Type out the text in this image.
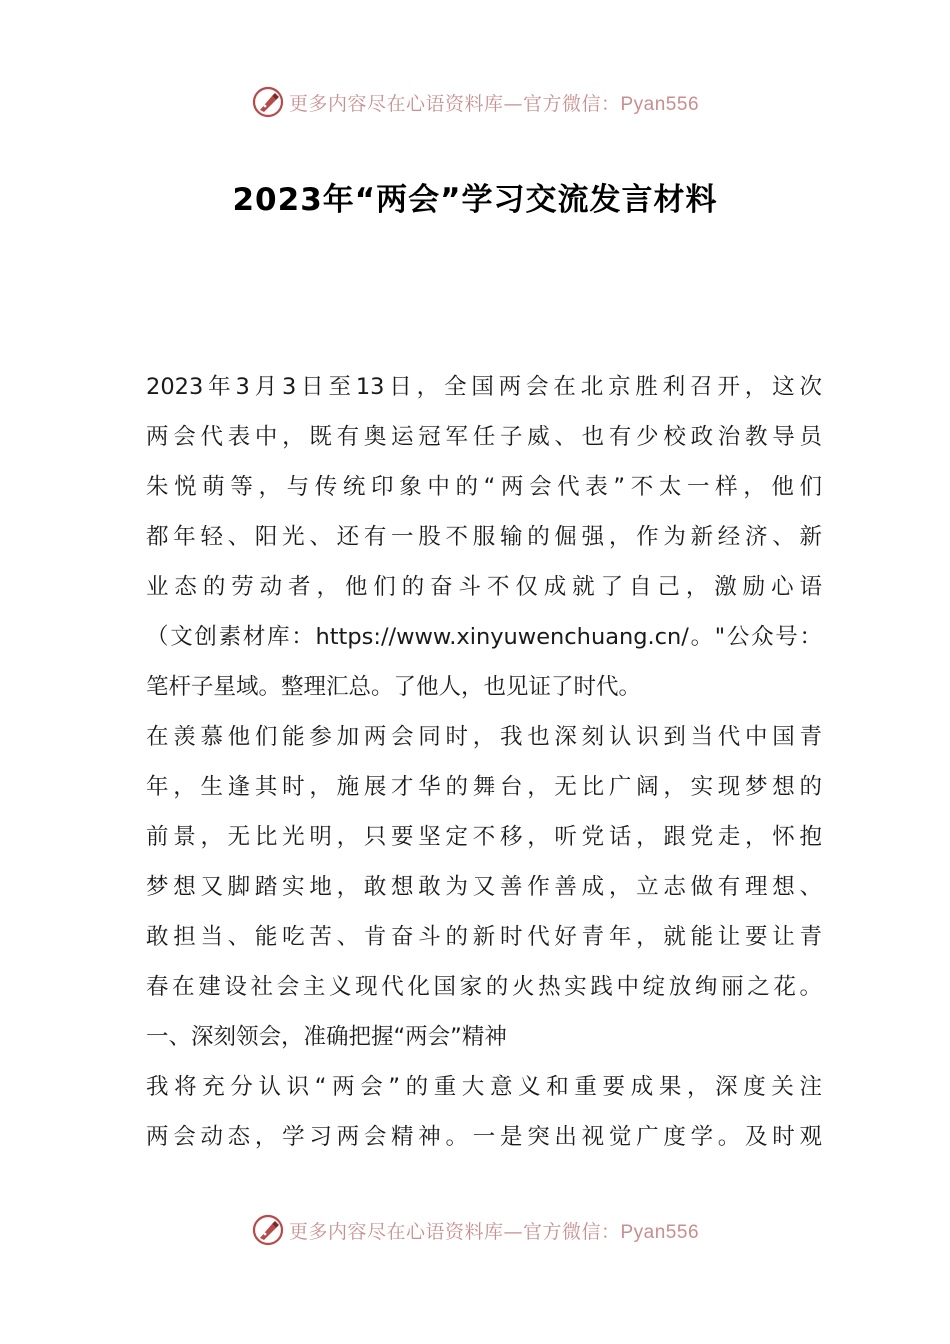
更多内容尽在心语资料库—官方微信：Pyan556
2023年“两会”学习交流发言材料
2023年3月3日至13日，全国两会在北京胜利召开，这次
两会代表中，既有奥运冠军任子威、也有少校政治教导员
朱悦萌等，与传统印象中的“两会代表”不太一样，他们
都年轻、阳光、还有一股不服输的倔强，作为新经济、新
业态的劳动者，他们的奋斗不仅成就了自己，激励心语
（文创素材库：https://www.xinyuwenchuang.cn/。"公众号：
笔杆子星域。整理汇总。了他人，也见证了时代。
在羡慕他们能参加两会同时，我也深刻认识到当代中国青
年，生逢其时，施展才华的舞台，无比广阔，实现梦想的
前景，无比光明，只要坚定不移，听党话，跟党走，怀抱
梦想又脚踏实地，敢想敢为又善作善成，立志做有理想、
敢担当、能吃苦、肯奋斗的新时代好青年，就能让要让青
春在建设社会主义现代化国家的火热实践中绽放绚丽之花。
一、深刻领会，准确把握“两会”精神
我将充分认识“两会”的重大意义和重要成果，深度关注
两会动态，学习两会精神。一是突出视觉广度学。及时观
更多内容尽在心语资料库—官方微信：Pyan556
